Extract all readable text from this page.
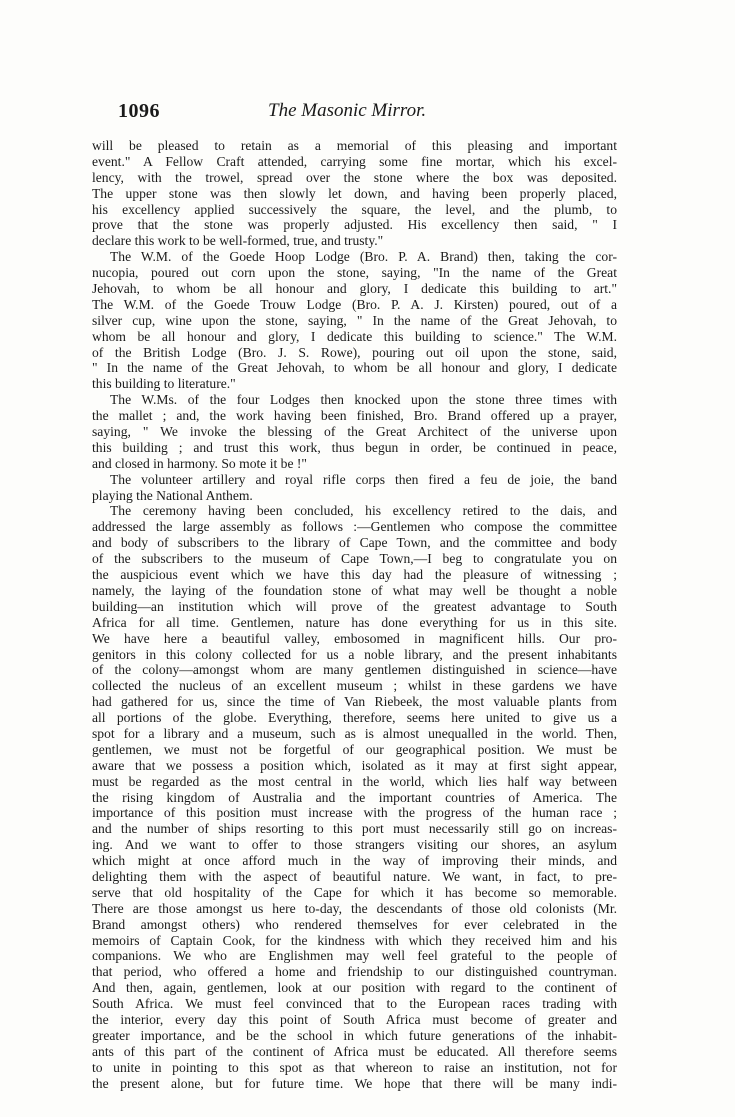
1096	The Masonic Mirror.
will be pleased to retain as a memorial of this pleasing and important
event." A Fellow Craft attended, carrying some fine mortar, which his excel-
lency, with the trowel, spread over the stone where the box was deposited.
The upper stone was then slowly let down, and having been properly placed,
his excellency applied successively the square, the level, and the plumb, to
prove that the stone was properly adjusted. His excellency then said, " I
declare this work to be well-formed, true, and trusty."
The W.M. of the Goede Hoop Lodge (Bro. P. A. Brand) then, taking the cor-
nucopia, poured out corn upon the stone, saying, "In the name of the Great
Jehovah, to whom be all honour and glory, I dedicate this building to art."
The W.M. of the Goede Trouw Lodge (Bro. P. A. J. Kirsten) poured, out of a
silver cup, wine upon the stone, saying, " In the name of the Great Jehovah, to
whom be all honour and glory, I dedicate this building to science." The W.M.
of the British Lodge (Bro. J. S. Rowe), pouring out oil upon the stone, said,
" In the name of the Great Jehovah, to whom be all honour and glory, I dedicate
this building to literature."
The W.Ms. of the four Lodges then knocked upon the stone three times with
the mallet ; and, the work having been finished, Bro. Brand offered up a prayer,
saying, " We invoke the blessing of the Great Architect of the universe upon
this building ; and trust this work, thus begun in order, be continued in peace,
and closed in harmony. So mote it be !"
The volunteer artillery and royal rifle corps then fired a feu de joie, the band
playing the National Anthem.
The ceremony having been concluded, his excellency retired to the dais, and
addressed the large assembly as follows :—Gentlemen who compose the committee
and body of subscribers to the library of Cape Town, and the committee and body
of the subscribers to the museum of Cape Town,—I beg to congratulate you on
the auspicious event which we have this day had the pleasure of witnessing ;
namely, the laying of the foundation stone of what may well be thought a noble
building—an institution which will prove of the greatest advantage to South
Africa for all time. Gentlemen, nature has done everything for us in this site.
We have here a beautiful valley, embosomed in magnificent hills. Our pro-
genitors in this colony collected for us a noble library, and the present inhabitants
of the colony—amongst whom are many gentlemen distinguished in science—have
collected the nucleus of an excellent museum ; whilst in these gardens we have
had gathered for us, since the time of Van Riebeek, the most valuable plants from
all portions of the globe. Everything, therefore, seems here united to give us a
spot for a library and a museum, such as is almost unequalled in the world. Then,
gentlemen, we must not be forgetful of our geographical position. We must be
aware that we possess a position which, isolated as it may at first sight appear,
must be regarded as the most central in the world, which lies half way between
the rising kingdom of Australia and the important countries of America. The
importance of this position must increase with the progress of the human race ;
and the number of ships resorting to this port must necessarily still go on increas-
ing. And we want to offer to those strangers visiting our shores, an asylum
which might at once afford much in the way of improving their minds, and
delighting them with the aspect of beautiful nature. We want, in fact, to pre-
serve that old hospitality of the Cape for which it has become so memorable.
There are those amongst us here to-day, the descendants of those old colonists (Mr.
Brand amongst others) who rendered themselves for ever celebrated in the
memoirs of Captain Cook, for the kindness with which they received him and his
companions. We who are Englishmen may well feel grateful to the people of
that period, who offered a home and friendship to our distinguished countryman.
And then, again, gentlemen, look at our position with regard to the continent of
South Africa. We must feel convinced that to the European races trading with
the interior, every day this point of South Africa must become of greater and
greater importance, and be the school in which future generations of the inhabit-
ants of this part of the continent of Africa must be educated. All therefore seems
to unite in pointing to this spot as that whereon to raise an institution, not for
the present alone, but for future time. We hope that there will be many indi-
